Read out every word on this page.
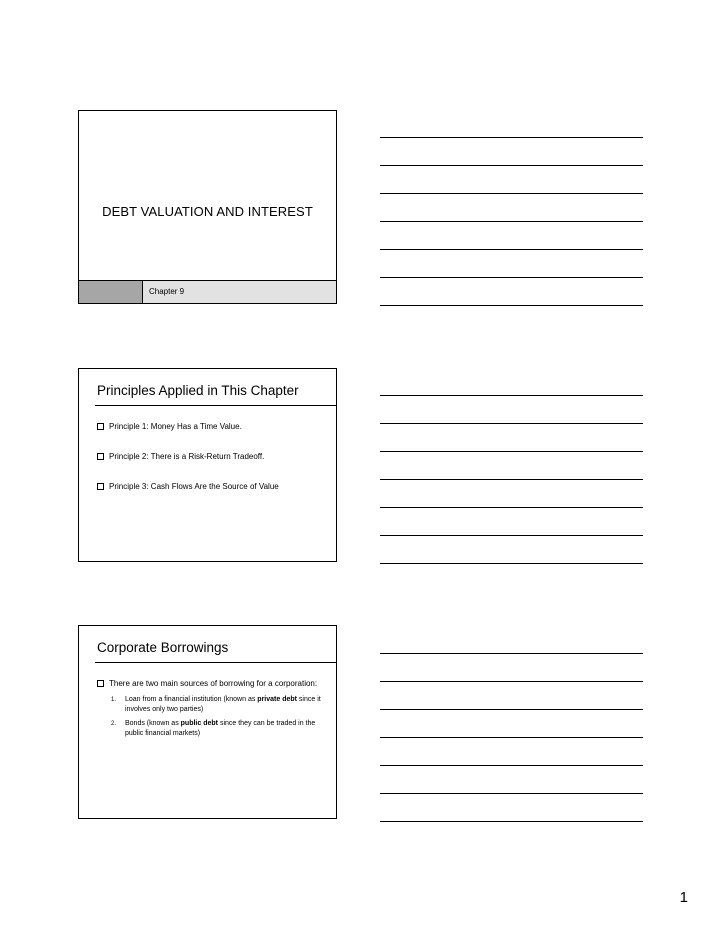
DEBT VALUATION AND INTEREST
Chapter 9
Principles Applied in This Chapter
Principle 1: Money Has a Time Value.
Principle 2: There is a Risk-Return Tradeoff.
Principle 3: Cash Flows Are the Source of Value
Corporate Borrowings
There are two main sources of borrowing for a corporation:
1.	Loan from a financial institution (known as private debt since it involves only two parties)
2.	Bonds (known as public debt since they can be traded in the public financial markets)
1
